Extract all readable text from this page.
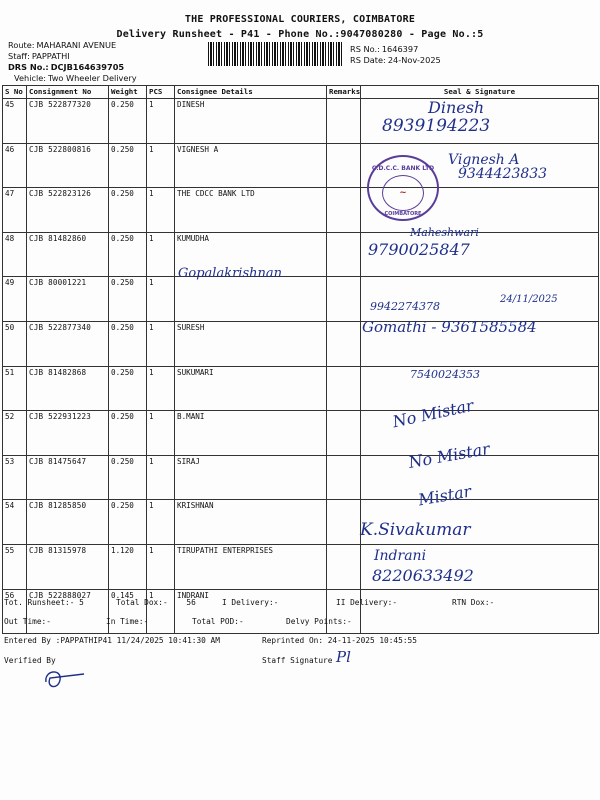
THE PROFESSIONAL COURIERS, COIMBATORE
Delivery Runsheet - P41 - Phone No.:9047080280 - Page No.:5
Route: MAHARANI AVENUE
Staff: PAPPATHI
DRS No.: DCJB164639705
Vehicle: Two Wheeler Delivery
RS No.: 1646397
RS Date: 24-Nov-2025
S No	Consignment No	Weight	PCS	Consignee Details	Remarks	Seal & Signature
45	CJB 522877320	0.250	1	DINESH		
46	CJB 522800816	0.250	1	VIGNESH A		
47	CJB 522823126	0.250	1	THE CDCC BANK LTD		
48	CJB 81482860	0.250	1	KUMUDHA		
49	CJB 80001221	0.250	1			
50	CJB 522877340	0.250	1	SURESH		
51	CJB 81482868	0.250	1	SUKUMARI		
52	CJB 522931223	0.250	1	B.MANI		
53	CJB 81475647	0.250	1	SIRAJ		
54	CJB 81285850	0.250	1	KRISHNAN		
55	CJB 81315978	1.120	1	TIRUPATHI ENTERPRISES		
56	CJB 522888027	0.145	1	INDRANI		
Dinesh
8939194223
Vignesh A
9344423833
C.D.C.C. BANK LTD
~
COIMBATORE
Maheshwari
9790025847
Gopalakrishnan
9942274378
24/11/2025
Gomathi - 9361585584
7540024353
No Mistar
No Mistar
Mistar
K.Sivakumar
Indrani
8220633492
Tot. Runsheet:- 5	Total Dox:- 56	I Delivery:-	II Delivery:-	RTN Dox:-
Out Time:-	In Time:-	Total POD:-	Delvy Points:-
Entered By :PAPPATHIP41 11/24/2025 10:41:30 AM	Reprinted On: 24-11-2025 10:45:55
Verified By	Staff Signature Pl
